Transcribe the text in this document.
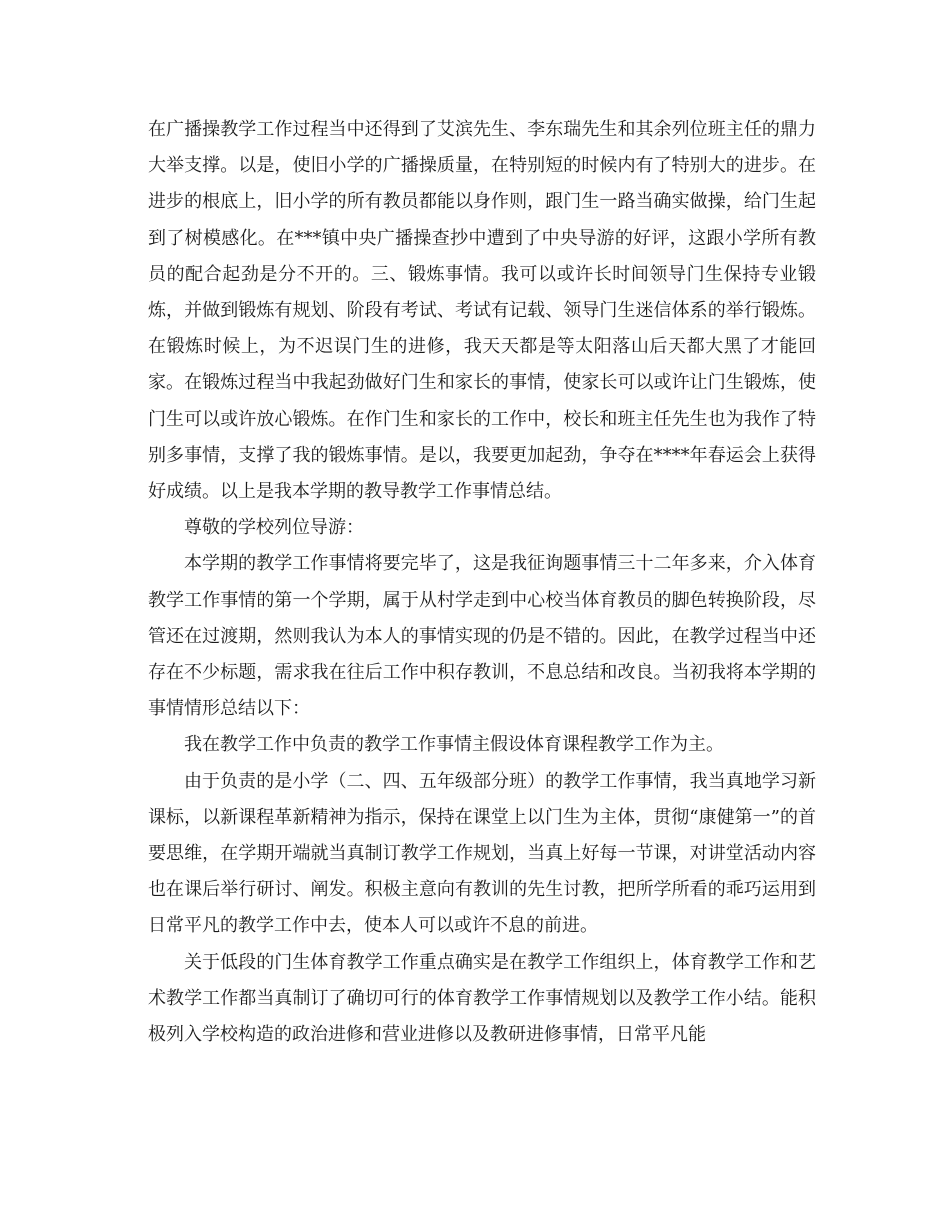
在广播操教学工作过程当中还得到了艾滨先生、李东瑞先生和其余列位班主任的鼎力大举支撑。以是，使旧小学的广播操质量，在特别短的时候内有了特别大的进步。在进步的根底上，旧小学的所有教员都能以身作则，跟门生一路当确实做操，给门生起到了树模感化。在***镇中央广播操查抄中遭到了中央导游的好评，这跟小学所有教员的配合起劲是分不开的。三、锻炼事情。我可以或许长时间领导门生保持专业锻炼，并做到锻炼有规划、阶段有考试、考试有记载、领导门生迷信体系的举行锻炼。在锻炼时候上，为不迟误门生的进修，我天天都是等太阳落山后天都大黑了才能回家。在锻炼过程当中我起劲做好门生和家长的事情，使家长可以或许让门生锻炼，使门生可以或许放心锻炼。在作门生和家长的工作中，校长和班主任先生也为我作了特别多事情，支撑了我的锻炼事情。是以，我要更加起劲，争夺在****年春运会上获得好成绩。以上是我本学期的教导教学工作事情总结。

尊敬的学校列位导游：

本学期的教学工作事情将要完毕了，这是我征询题事情三十二年多来，介入体育教学工作事情的第一个学期，属于从村学走到中心校当体育教员的脚色转换阶段，尽管还在过渡期，然则我认为本人的事情实现的仍是不错的。因此，在教学过程当中还存在不少标题，需求我在往后工作中积存教训，不息总结和改良。当初我将本学期的事情情形总结以下：

我在教学工作中负责的教学工作事情主假设体育课程教学工作为主。

由于负责的是小学（二、四、五年级部分班）的教学工作事情，我当真地学习新课标，以新课程革新精神为指示，保持在课堂上以门生为主体，贯彻“康健第一”的首要思维，在学期开端就当真制订教学工作规划，当真上好每一节课，对讲堂活动内容也在课后举行研讨、阐发。积极主意向有教训的先生讨教，把所学所看的乖巧运用到日常平凡的教学工作中去，使本人可以或许不息的前进。

关于低段的门生体育教学工作重点确实是在教学工作组织上，体育教学工作和艺术教学工作都当真制订了确切可行的体育教学工作事情规划以及教学工作小结。能积极列入学校构造的政治进修和营业进修以及教研进修事情，日常平凡能
